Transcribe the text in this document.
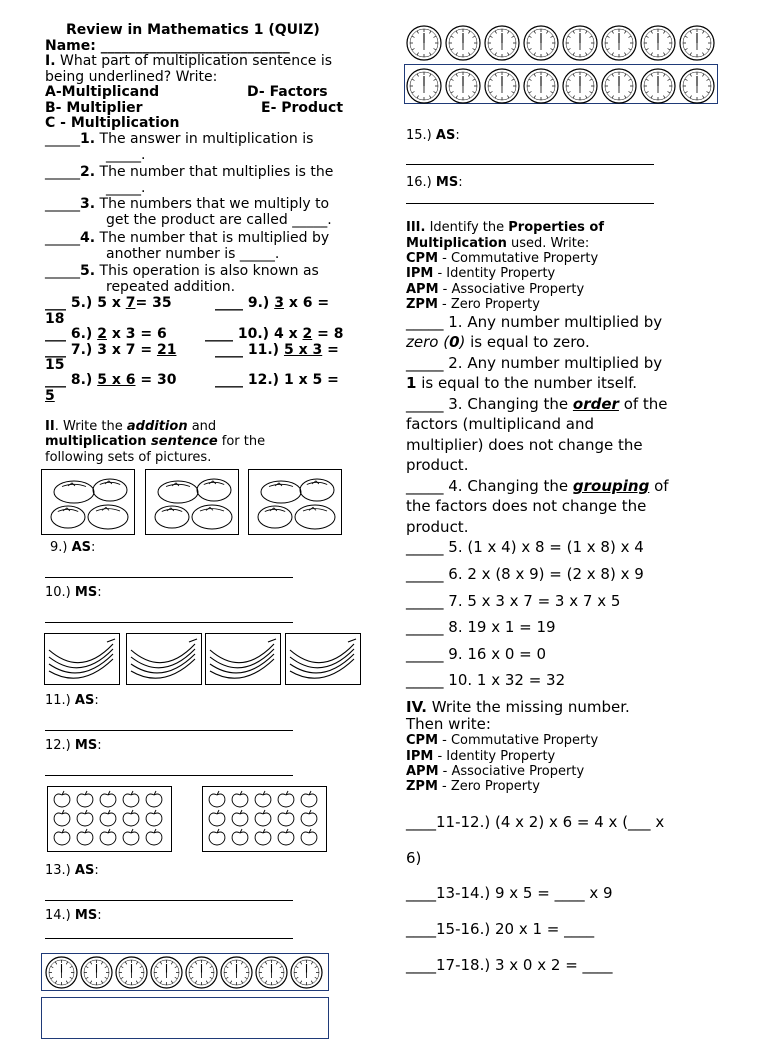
Review in Mathematics 1 (QUIZ)
Name: ___________________________
I. What part of multiplication sentence is
being underlined? Write:
A-Multiplicand	D- Factors
B- Multiplier	E- Product
C - Multiplication
_____1. The answer in multiplication is
_____.
_____2. The number that multiplies is the
_____.
_____3. The numbers that we multiply to
get the product are called _____.
_____4. The number that is multiplied by
another number is _____.
_____5. This operation is also known as
repeated addition.
___ 5.) 5 x 7= 35	____ 9.) 3 x 6 =
18
___ 6.) 2 x 3 = 6	____ 10.) 4 x 2 = 8
___ 7.) 3 x 7 = 21	____ 11.) 5 x 3 =
15
___ 8.) 5 x 6 = 30	____ 12.) 1 x 5 =
5
II. Write the addition and
multiplication sentence for the
following sets of pictures.
9.) AS:
10.) MS:
11.) AS:
12.) MS:
13.) AS:
14.) MS:
15.) AS:
16.) MS:
III. Identify the Properties of
Multiplication used. Write:
CPM - Commutative Property
IPM - Identity Property
APM - Associative Property
ZPM - Zero Property
_____ 1. Any number multiplied by
zero (0) is equal to zero.
_____ 2. Any number multiplied by
1 is equal to the number itself.
_____ 3. Changing the order of the
factors (multiplicand and
multiplier) does not change the
product.
_____ 4. Changing the grouping of
the factors does not change the
product.
_____ 5. (1 x 4) x 8 = (1 x 8) x 4
_____ 6. 2 x (8 x 9) = (2 x 8) x 9
_____ 7. 5 x 3 x 7 = 3 x 7 x 5
_____ 8. 19 x 1 = 19
_____ 9. 16 x 0 = 0
_____ 10. 1 x 32 = 32
IV. Write the missing number.
Then write:
CPM - Commutative Property
IPM - Identity Property
APM - Associative Property
ZPM - Zero Property
____11-12.) (4 x 2) x 6 = 4 x (___ x
6)
____13-14.) 9 x 5 = ____ x 9
____15-16.) 20 x 1 = ____
____17-18.) 3 x 0 x 2 = ____
